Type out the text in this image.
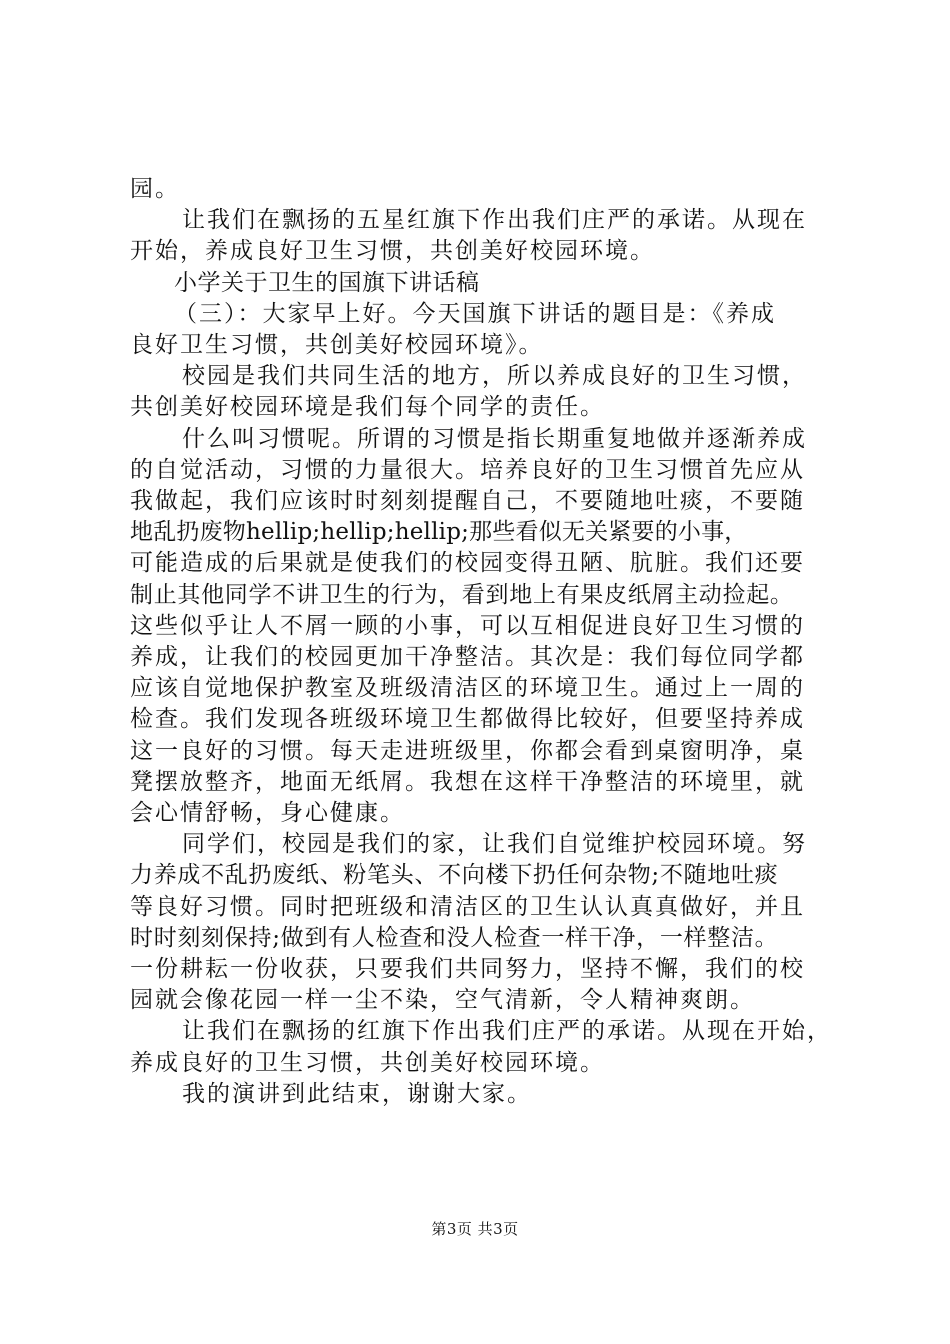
园。
让我们在飘扬的五星红旗下作出我们庄严的承诺。从现在
开始，养成良好卫生习惯，共创美好校园环境。
小学关于卫生的国旗下讲话稿
（三）：大家早上好。今天国旗下讲话的题目是：《养成
良好卫生习惯，共创美好校园环境》。
校园是我们共同生活的地方，所以养成良好的卫生习惯，
共创美好校园环境是我们每个同学的责任。
什么叫习惯呢。所谓的习惯是指长期重复地做并逐渐养成
的自觉活动，习惯的力量很大。培养良好的卫生习惯首先应从
我做起，我们应该时时刻刻提醒自己，不要随地吐痰，不要随
地乱扔废物hellip;hellip;hellip;那些看似无关紧要的小事，
可能造成的后果就是使我们的校园变得丑陋、肮脏。我们还要
制止其他同学不讲卫生的行为，看到地上有果皮纸屑主动捡起。
这些似乎让人不屑一顾的小事，可以互相促进良好卫生习惯的
养成，让我们的校园更加干净整洁。其次是：我们每位同学都
应该自觉地保护教室及班级清洁区的环境卫生。通过上一周的
检查。我们发现各班级环境卫生都做得比较好，但要坚持养成
这一良好的习惯。每天走进班级里，你都会看到桌窗明净，桌
凳摆放整齐，地面无纸屑。我想在这样干净整洁的环境里，就
会心情舒畅，身心健康。
同学们，校园是我们的家，让我们自觉维护校园环境。努
力养成不乱扔废纸、粉笔头、不向楼下扔任何杂物;不随地吐痰
等良好习惯。同时把班级和清洁区的卫生认认真真做好，并且
时时刻刻保持;做到有人检查和没人检查一样干净，一样整洁。
一份耕耘一份收获，只要我们共同努力，坚持不懈，我们的校
园就会像花园一样一尘不染，空气清新，令人精神爽朗。
让我们在飘扬的红旗下作出我们庄严的承诺。从现在开始，
养成良好的卫生习惯，共创美好校园环境。
我的演讲到此结束，谢谢大家。
第3页 共3页
